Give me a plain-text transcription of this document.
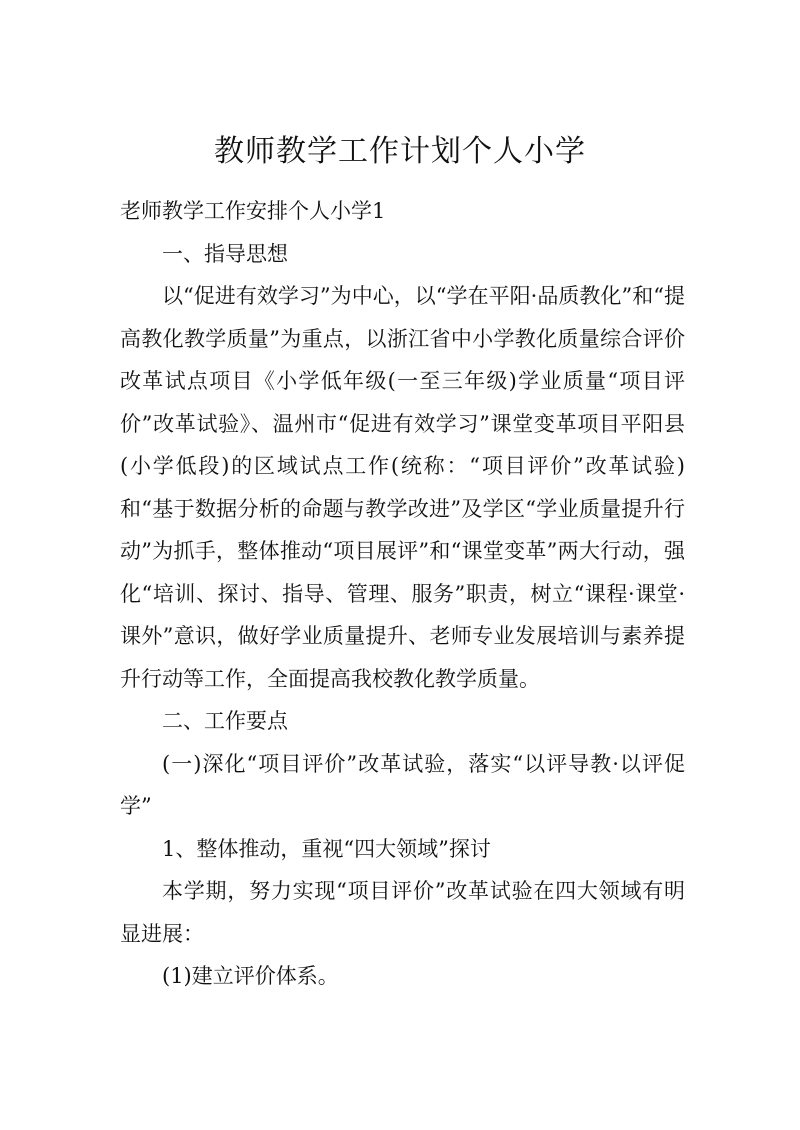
教师教学工作计划个人小学

老师教学工作安排个人小学1

一、指导思想

以“促进有效学习”为中心，以“学在平阳·品质教化”和“提高教化教学质量”为重点，以浙江省中小学教化质量综合评价改革试点项目《小学低年级(一至三年级)学业质量“项目评价”改革试验》、温州市“促进有效学习”课堂变革项目平阳县(小学低段)的区域试点工作(统称：“项目评价”改革试验)和“基于数据分析的命题与教学改进”及学区“学业质量提升行动”为抓手，整体推动“项目展评”和“课堂变革”两大行动，强化“培训、探讨、指导、管理、服务”职责，树立“课程·课堂·课外”意识，做好学业质量提升、老师专业发展培训与素养提升行动等工作，全面提高我校教化教学质量。

二、工作要点

(一)深化“项目评价”改革试验，落实“以评导教·以评促学”

1、整体推动，重视“四大领域”探讨

本学期，努力实现“项目评价”改革试验在四大领域有明显进展：

(1)建立评价体系。
